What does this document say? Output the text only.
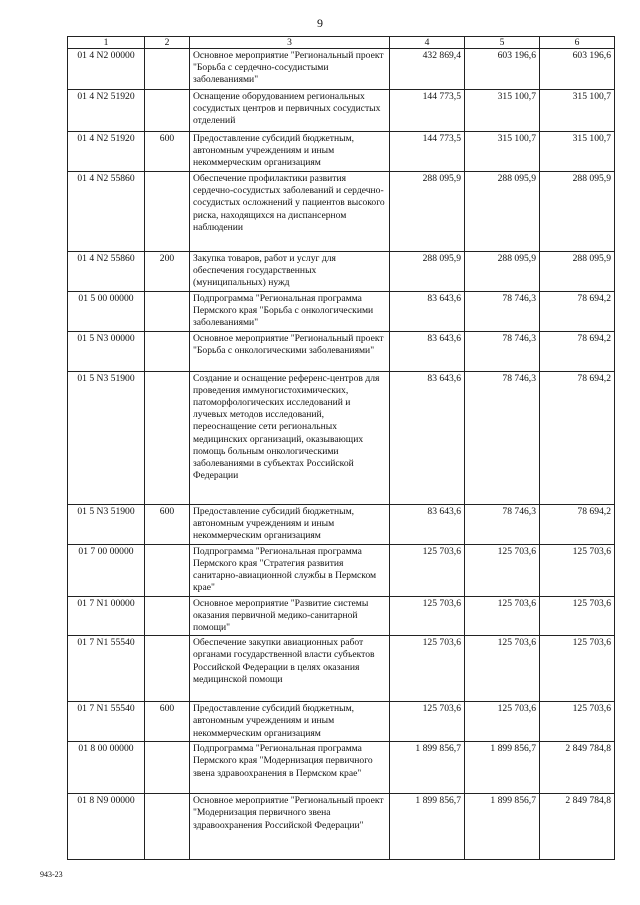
9
1	2	3	4	5	6
01 4 N2 00000		Основное мероприятие "Региональный проект "Борьба с сердечно-сосудистыми заболеваниями"	432 869,4	603 196,6	603 196,6
01 4 N2 51920		Оснащение оборудованием региональных сосудистых центров и первичных сосудистых отделений	144 773,5	315 100,7	315 100,7
01 4 N2 51920	600	Предоставление субсидий бюджетным, автономным учреждениям и иным некоммерческим организациям	144 773,5	315 100,7	315 100,7
01 4 N2 55860		Обеспечение профилактики развития сердечно-сосудистых заболеваний и сердечно-сосудистых осложнений у пациентов высокого риска, находящихся на диспансерном наблюдении	288 095,9	288 095,9	288 095,9
01 4 N2 55860	200	Закупка товаров, работ и услуг для обеспечения государственных (муниципальных) нужд	288 095,9	288 095,9	288 095,9
01 5 00 00000		Подпрограмма "Региональная программа Пермского края "Борьба с онкологическими заболеваниями"	83 643,6	78 746,3	78 694,2
01 5 N3 00000		Основное мероприятие "Региональный проект "Борьба с онкологическими заболеваниями"	83 643,6	78 746,3	78 694,2
01 5 N3 51900		Создание и оснащение референс-центров для проведения иммуногистохимических, патоморфологических исследований и лучевых методов исследований, переоснащение сети региональных медицинских организаций, оказывающих помощь больным онкологическими заболеваниями в субъектах Российской Федерации	83 643,6	78 746,3	78 694,2
01 5 N3 51900	600	Предоставление субсидий бюджетным, автономным учреждениям и иным некоммерческим организациям	83 643,6	78 746,3	78 694,2
01 7 00 00000		Подпрограмма "Региональная программа Пермского края "Стратегия развития санитарно-авиационной службы в Пермском крае"	125 703,6	125 703,6	125 703,6
01 7 N1 00000		Основное мероприятие "Развитие системы оказания первичной медико-санитарной помощи"	125 703,6	125 703,6	125 703,6
01 7 N1 55540		Обеспечение закупки авиационных работ органами государственной власти субъектов Российской Федерации в целях оказания медицинской помощи	125 703,6	125 703,6	125 703,6
01 7 N1 55540	600	Предоставление субсидий бюджетным, автономным учреждениям и иным некоммерческим организациям	125 703,6	125 703,6	125 703,6
01 8 00 00000		Подпрограмма "Региональная программа Пермского края "Модернизация первичного звена здравоохранения в Пермском крае"	1 899 856,7	1 899 856,7	2 849 784,8
01 8 N9 00000		Основное мероприятие "Региональный проект "Модернизация первичного звена здравоохранения Российской Федерации"	1 899 856,7	1 899 856,7	2 849 784,8
943-23
